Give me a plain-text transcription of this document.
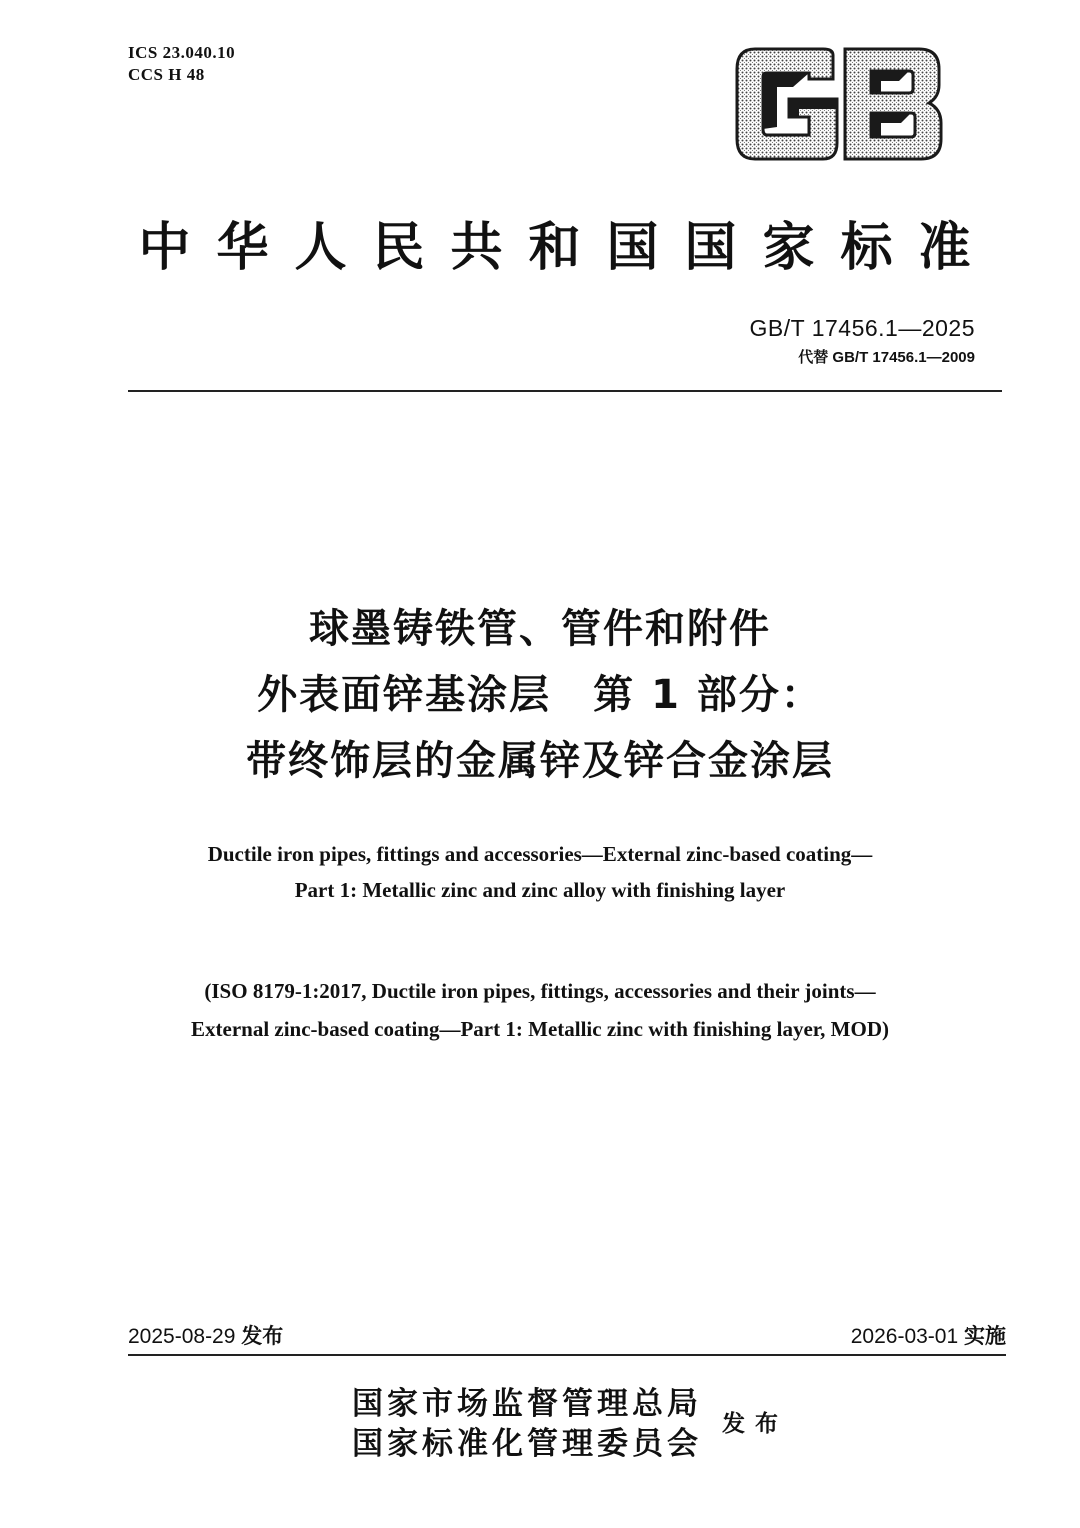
ICS 23.040.10
CCS H 48
中华人民共和国国家标准
GB/T 17456.1—2025
代替 GB/T 17456.1—2009
球墨铸铁管、管件和附件
外表面锌基涂层　第 1 部分：
带终饰层的金属锌及锌合金涂层
Ductile iron pipes, fittings and accessories—External zinc-based coating—
Part 1: Metallic zinc and zinc alloy with finishing layer
(ISO 8179-1:2017, Ductile iron pipes, fittings, accessories and their joints—
External zinc-based coating—Part 1: Metallic zinc with finishing layer, MOD)
2025-08-29 发布	2026-03-01 实施
国家市场监督管理总局
国家标准化管理委员会
发布
